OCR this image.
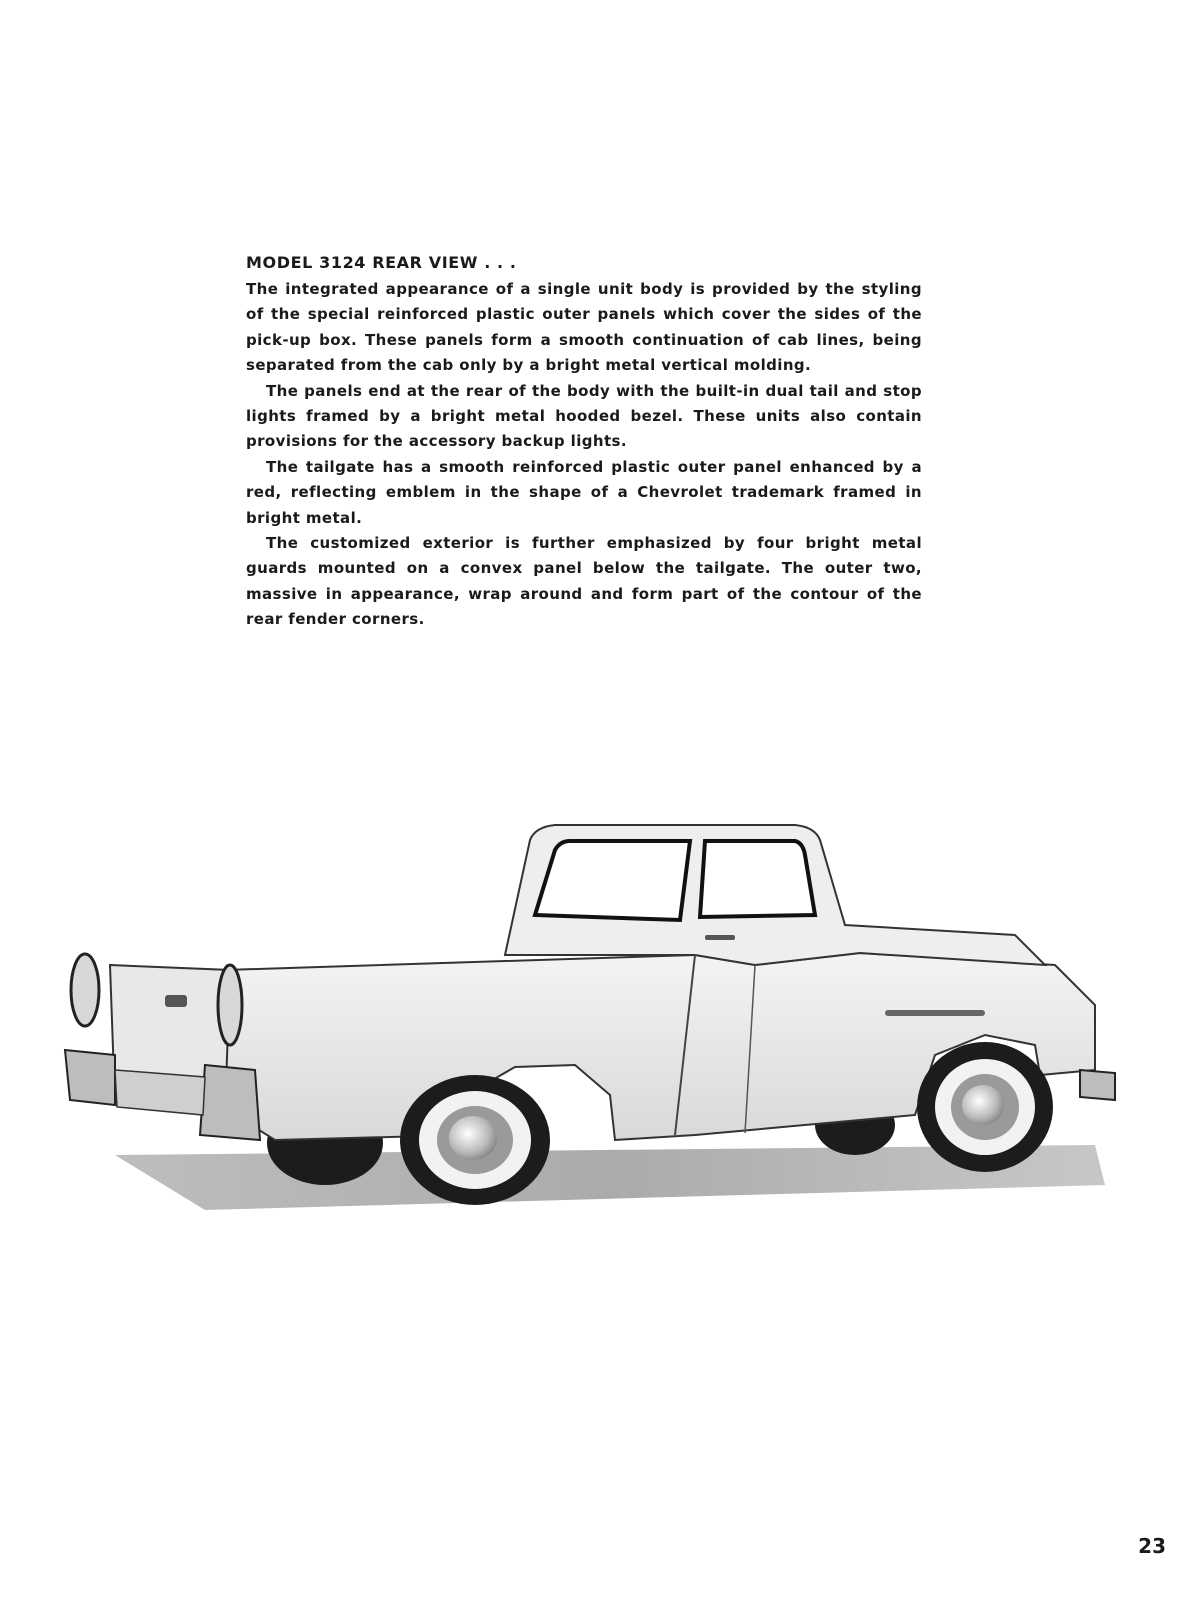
MODEL 3124 REAR VIEW . . .

The integrated appearance of a single unit body is provided by the styling of the special reinforced plastic outer panels which cover the sides of the pick-up box. These panels form a smooth continuation of cab lines, being separated from the cab only by a bright metal vertical molding.

The panels end at the rear of the body with the built-in dual tail and stop lights framed by a bright metal hooded bezel. These units also contain provisions for the accessory backup lights.

The tailgate has a smooth reinforced plastic outer panel enhanced by a red, reflecting emblem in the shape of a Chevrolet trademark framed in bright metal.

The customized exterior is further emphasized by four bright metal guards mounted on a convex panel below the tailgate. The outer two, massive in appearance, wrap around and form part of the contour of the rear fender corners.

23
